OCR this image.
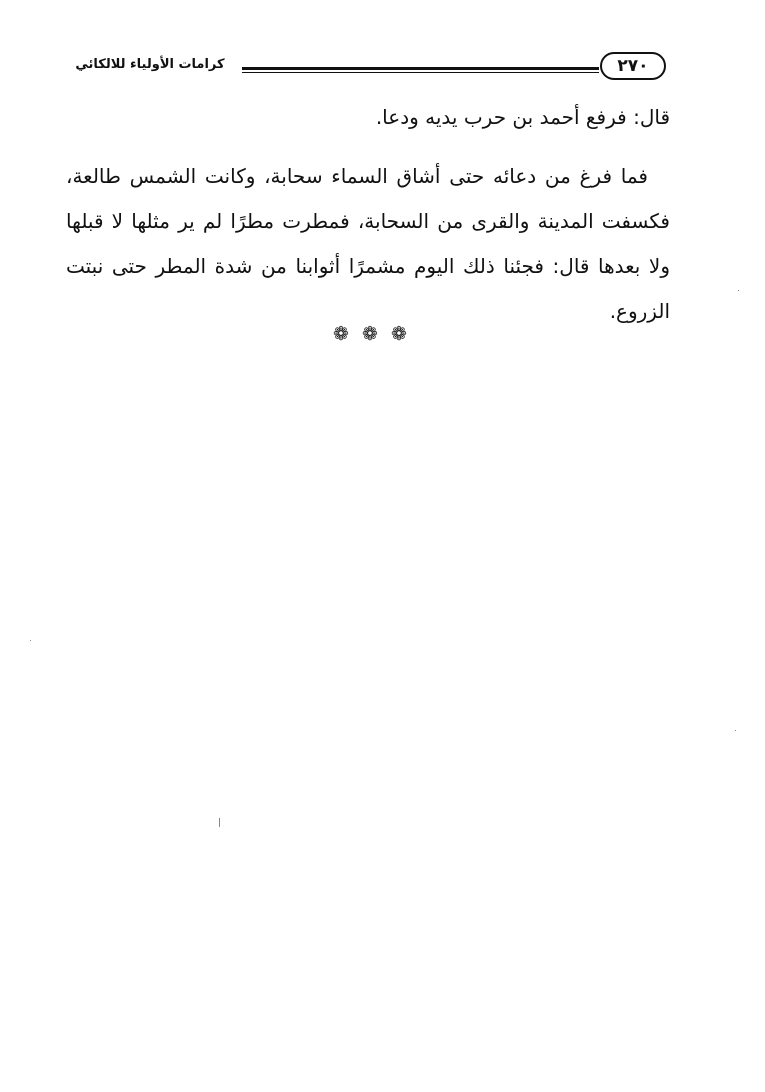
كرامات الأولياء للالكائي	٢٧٠

قال: فرفع أحمد بن حرب يديه ودعا.

فما فرغ من دعائه حتى أشاق السماء سحابة، وكانت الشمس طالعة، فكسفت المدينة والقرى من السحابة، فمطرت مطرًا لم ير مثلها لا قبلها ولا بعدها قال: فجئنا ذلك اليوم مشمرًا أثوابنا من شدة المطر حتى نبتت الزروع.

❁ ❁ ❁
